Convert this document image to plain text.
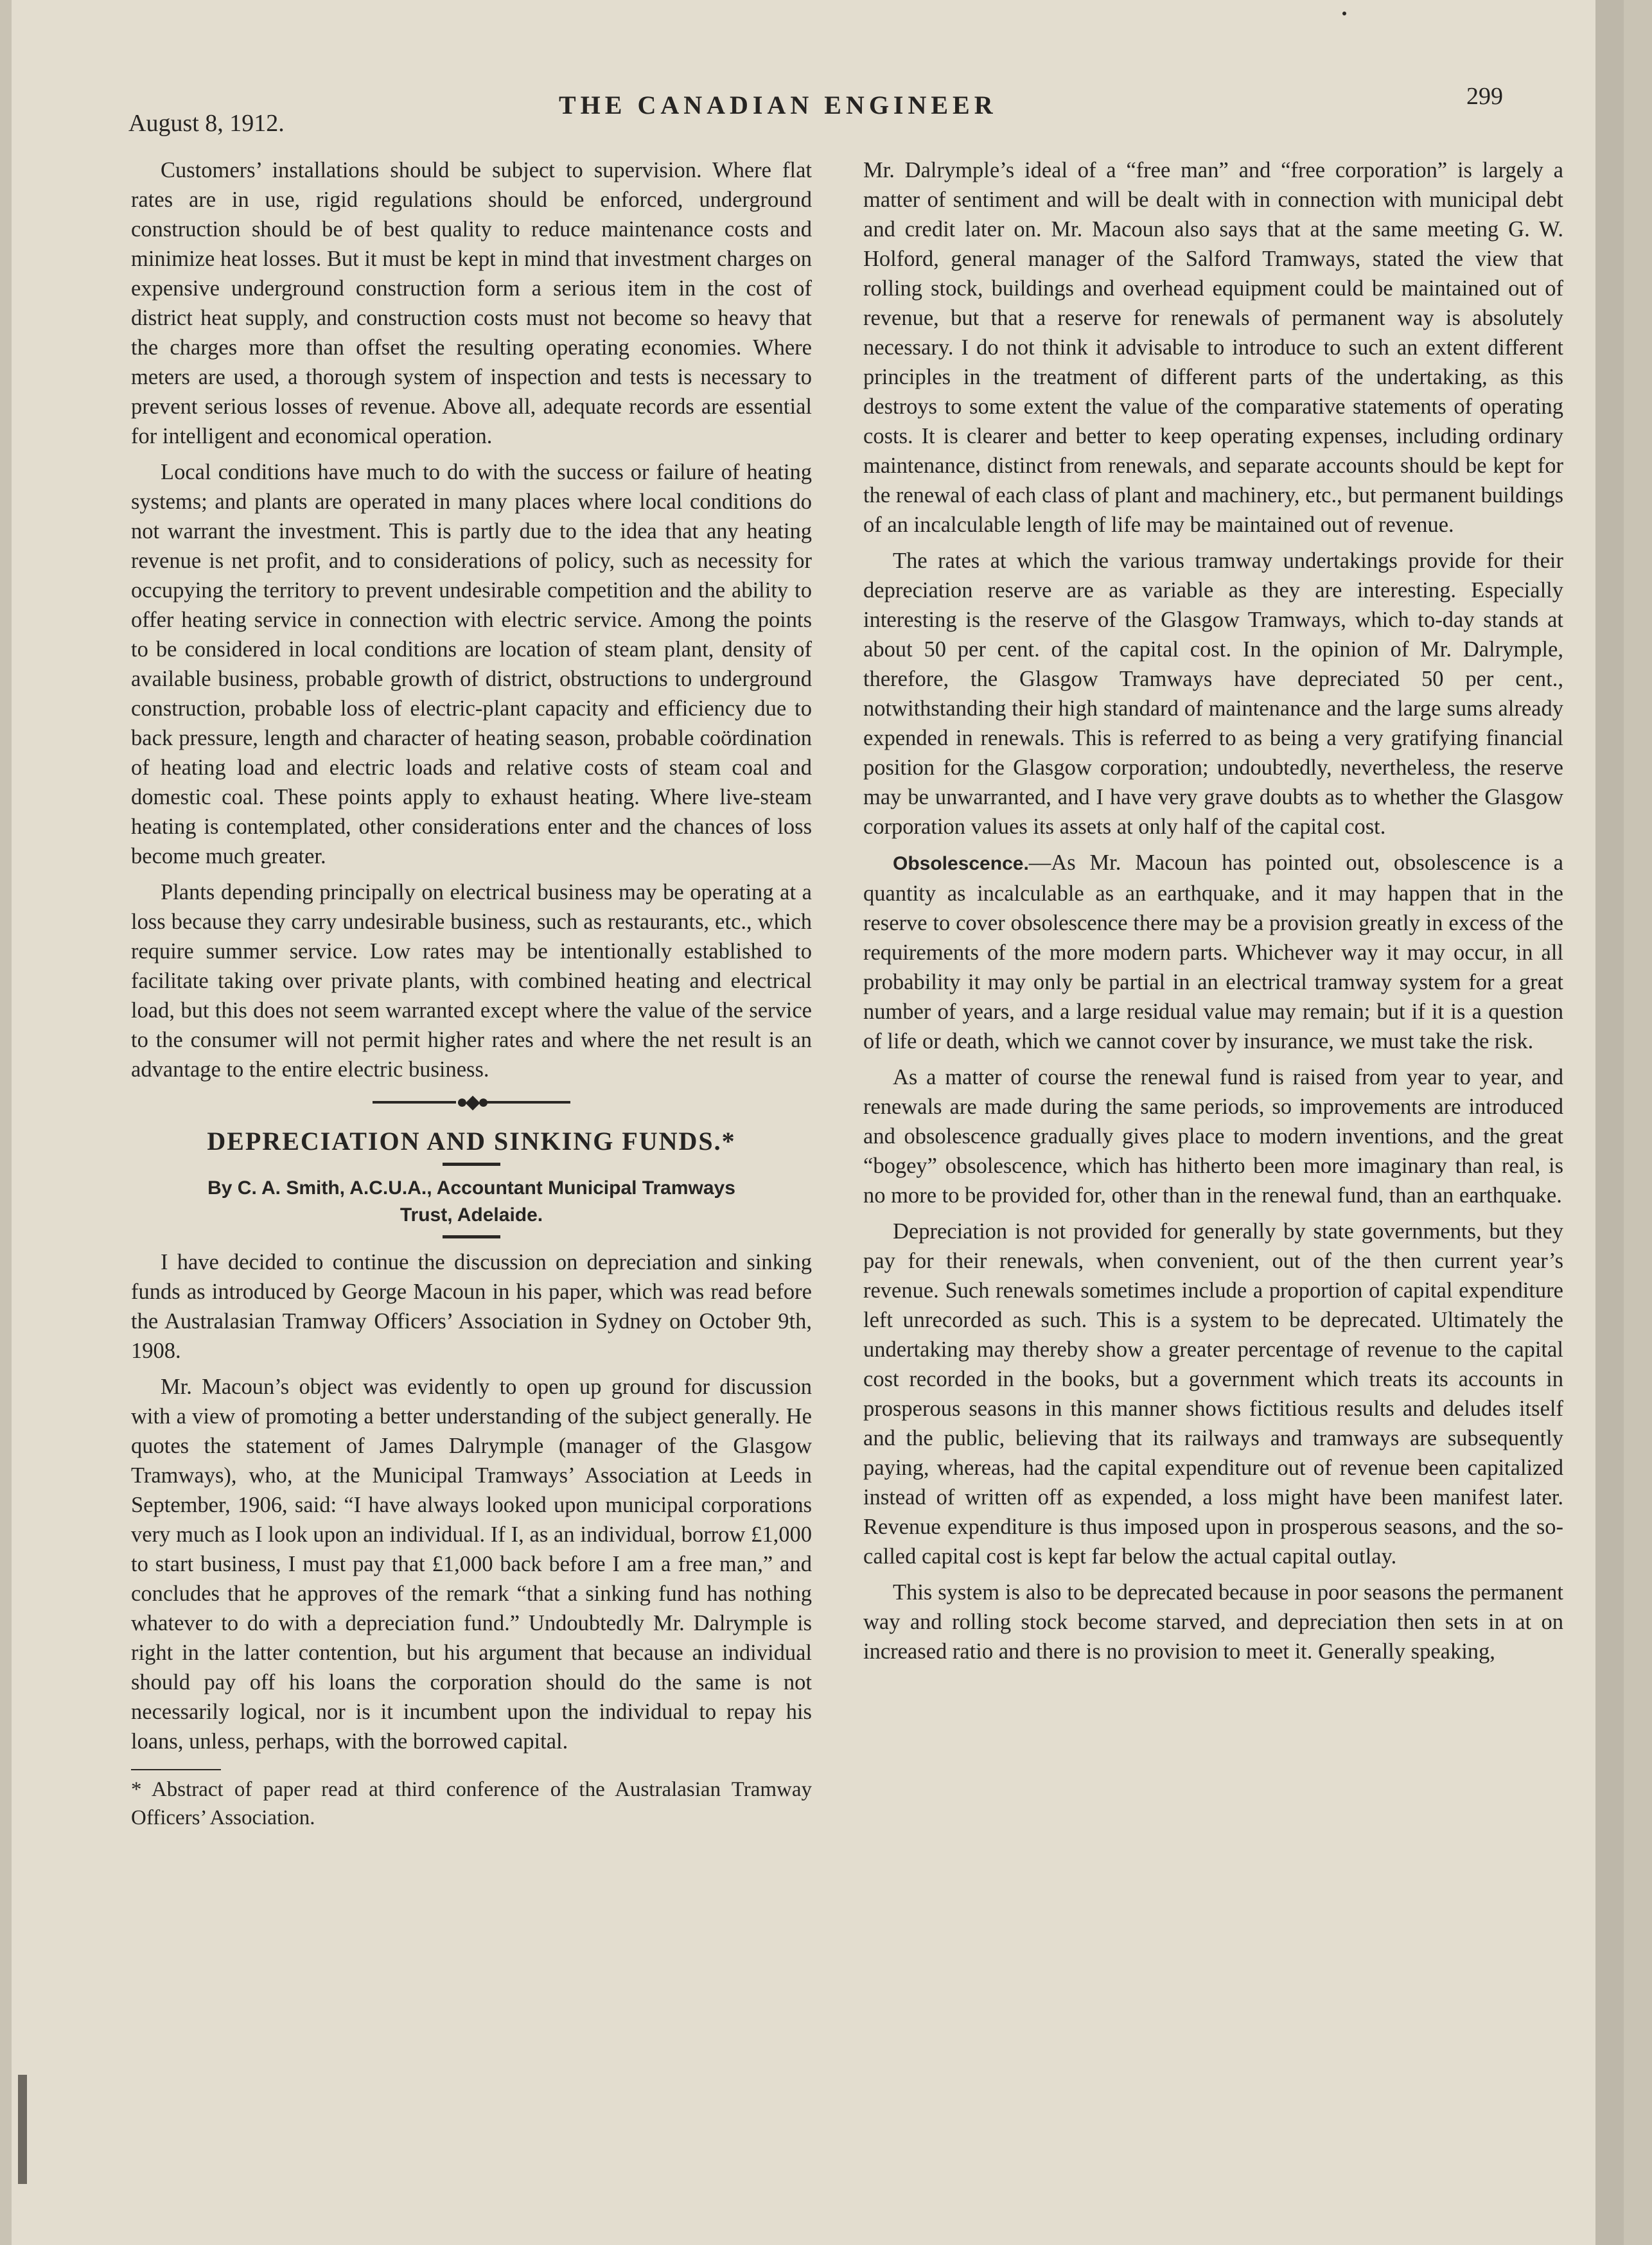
August 8, 1912.
THE CANADIAN ENGINEER	299

Customers’ installations should be subject to supervision. Where flat rates are in use, rigid regulations should be enforced, underground construction should be of best quality to reduce maintenance costs and minimize heat losses. But it must be kept in mind that investment charges on expensive underground construction form a serious item in the cost of district heat supply, and construction costs must not become so heavy that the charges more than offset the resulting operating economies. Where meters are used, a thorough system of inspection and tests is necessary to prevent serious losses of revenue. Above all, adequate records are essential for intelligent and economical operation.

Local conditions have much to do with the success or failure of heating systems; and plants are operated in many places where local conditions do not warrant the investment. This is partly due to the idea that any heating revenue is net profit, and to considerations of policy, such as necessity for occupying the territory to prevent undesirable competition and the ability to offer heating service in connection with electric service. Among the points to be considered in local conditions are location of steam plant, density of available business, probable growth of district, obstructions to underground construction, probable loss of electric-plant capacity and efficiency due to back pressure, length and character of heating season, probable coördination of heating load and electric loads and relative costs of steam coal and domestic coal. These points apply to exhaust heating. Where live-steam heating is contemplated, other considerations enter and the chances of loss become much greater.

Plants depending principally on electrical business may be operating at a loss because they carry undesirable business, such as restaurants, etc., which require summer service. Low rates may be intentionally established to facilitate taking over private plants, with combined heating and electrical load, but this does not seem warranted except where the value of the service to the consumer will not permit higher rates and where the net result is an advantage to the entire electric business.

●◆●
DEPRECIATION AND SINKING FUNDS.*
By C. A. Smith, A.C.U.A., Accountant Municipal Tramways
Trust, Adelaide.

I have decided to continue the discussion on depreciation and sinking funds as introduced by George Macoun in his paper, which was read before the Australasian Tramway Officers’ Association in Sydney on October 9th, 1908.

Mr. Macoun’s object was evidently to open up ground for discussion with a view of promoting a better understanding of the subject generally. He quotes the statement of James Dalrymple (manager of the Glasgow Tramways), who, at the Municipal Tramways’ Association at Leeds in September, 1906, said: “I have always looked upon municipal corporations very much as I look upon an individual. If I, as an individual, borrow £1,000 to start business, I must pay that £1,000 back before I am a free man,” and concludes that he approves of the remark “that a sinking fund has nothing whatever to do with a depreciation fund.” Undoubtedly Mr. Dalrymple is right in the latter contention, but his argument that because an individual should pay off his loans the corporation should do the same is not necessarily logical, nor is it incumbent upon the individual to repay his loans, unless, perhaps, with the borrowed capital.

* Abstract of paper read at third conference of the Australasian Tramway Officers’ Association.

Mr. Dalrymple’s ideal of a “free man” and “free corporation” is largely a matter of sentiment and will be dealt with in connection with municipal debt and credit later on. Mr. Macoun also says that at the same meeting G. W. Holford, general manager of the Salford Tramways, stated the view that rolling stock, buildings and overhead equipment could be maintained out of revenue, but that a reserve for renewals of permanent way is absolutely necessary. I do not think it advisable to introduce to such an extent different principles in the treatment of different parts of the undertaking, as this destroys to some extent the value of the comparative statements of operating costs. It is clearer and better to keep operating expenses, including ordinary maintenance, distinct from renewals, and separate accounts should be kept for the renewal of each class of plant and machinery, etc., but permanent buildings of an incalculable length of life may be maintained out of revenue.

The rates at which the various tramway undertakings provide for their depreciation reserve are as variable as they are interesting. Especially interesting is the reserve of the Glasgow Tramways, which to-day stands at about 50 per cent. of the capital cost. In the opinion of Mr. Dalrymple, therefore, the Glasgow Tramways have depreciated 50 per cent., notwithstanding their high standard of maintenance and the large sums already expended in renewals. This is referred to as being a very gratifying financial position for the Glasgow corporation; undoubtedly, nevertheless, the reserve may be unwarranted, and I have very grave doubts as to whether the Glasgow corporation values its assets at only half of the capital cost.

Obsolescence.—As Mr. Macoun has pointed out, obsolescence is a quantity as incalculable as an earthquake, and it may happen that in the reserve to cover obsolescence there may be a provision greatly in excess of the requirements of the more modern parts. Whichever way it may occur, in all probability it may only be partial in an electrical tramway system for a great number of years, and a large residual value may remain; but if it is a question of life or death, which we cannot cover by insurance, we must take the risk.

As a matter of course the renewal fund is raised from year to year, and renewals are made during the same periods, so improvements are introduced and obsolescence gradually gives place to modern inventions, and the great “bogey” obsolescence, which has hitherto been more imaginary than real, is no more to be provided for, other than in the renewal fund, than an earthquake.

Depreciation is not provided for generally by state governments, but they pay for their renewals, when convenient, out of the then current year’s revenue. Such renewals sometimes include a proportion of capital expenditure left unrecorded as such. This is a system to be deprecated. Ultimately the undertaking may thereby show a greater percentage of revenue to the capital cost recorded in the books, but a government which treats its accounts in prosperous seasons in this manner shows fictitious results and deludes itself and the public, believing that its railways and tramways are subsequently paying, whereas, had the capital expenditure out of revenue been capitalized instead of written off as expended, a loss might have been manifest later. Revenue expenditure is thus imposed upon in prosperous seasons, and the so-called capital cost is kept far below the actual capital outlay.

This system is also to be deprecated because in poor seasons the permanent way and rolling stock become starved, and depreciation then sets in at on increased ratio and there is no provision to meet it. Generally speaking,
